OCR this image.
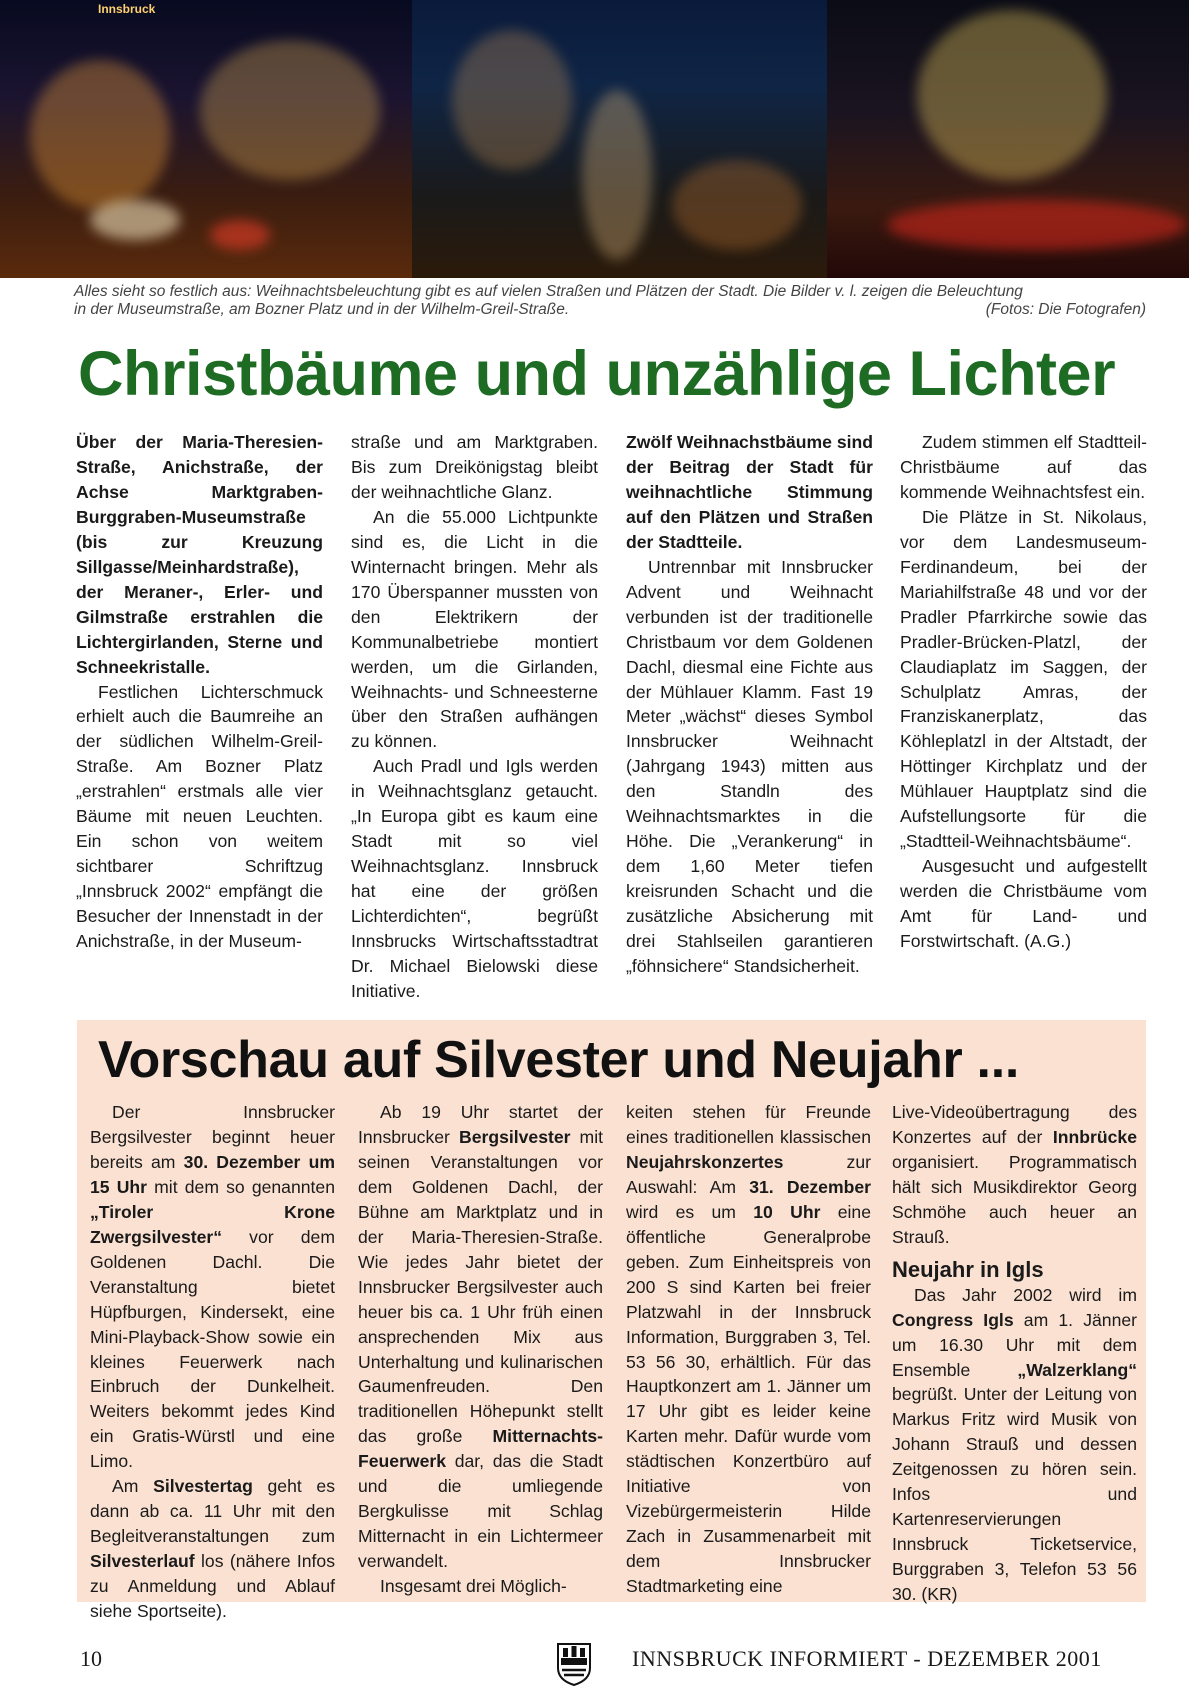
Innsbruck
Alles sieht so festlich aus: Weihnachtsbeleuchtung gibt es auf vielen Straßen und Plätzen der Stadt. Die Bilder v. l. zeigen die Beleuchtung
in der Museumstraße, am Bozner Platz und in der Wilhelm-Greil-Straße.	(Fotos: Die Fotografen)
Christbäume und unzählige Lichter

Über der Maria-Theresien-Straße, Anichstraße, der Achse Marktgraben-Burggraben-Museumstraße (bis zur Kreuzung Sillgasse/Meinhardstraße), der Meraner-, Erler- und Gilmstraße erstrahlen die Lichtergirlanden, Sterne und Schneekristalle.

Festlichen Lichterschmuck erhielt auch die Baumreihe an der südlichen Wilhelm-Greil-Straße. Am Bozner Platz „erstrahlen“ erstmals alle vier Bäume mit neuen Leuchten. Ein schon von weitem sichtbarer Schriftzug „Innsbruck 2002“ empfängt die Besucher der Innenstadt in der Anichstraße, in der Museum-

straße und am Marktgraben. Bis zum Dreikönigstag bleibt der weihnachtliche Glanz.

An die 55.000 Lichtpunkte sind es, die Licht in die Winternacht bringen. Mehr als 170 Überspanner mussten von den Elektrikern der Kommunalbetriebe montiert werden, um die Girlanden, Weihnachts- und Schneesterne über den Straßen aufhängen zu können.

Auch Pradl und Igls werden in Weihnachtsglanz getaucht. „In Europa gibt es kaum eine Stadt mit so viel Weihnachtsglanz. Innsbruck hat eine der größen Lichterdichten“, begrüßt Innsbrucks Wirtschaftsstadtrat Dr. Michael Bielowski diese Initiative.

Zwölf Weihnachstbäume sind der Beitrag der Stadt für weihnachtliche Stimmung auf den Plätzen und Straßen der Stadtteile.

Untrennbar mit Innsbrucker Advent und Weihnacht verbunden ist der traditionelle Christbaum vor dem Goldenen Dachl, diesmal eine Fichte aus der Mühlauer Klamm. Fast 19 Meter „wächst“ dieses Symbol Innsbrucker Weihnacht (Jahrgang 1943) mitten aus den Standln des Weihnachtsmarktes in die Höhe. Die „Verankerung“ in dem 1,60 Meter tiefen kreisrunden Schacht und die zusätzliche Absicherung mit drei Stahlseilen garantieren „föhnsichere“ Standsicherheit.

Zudem stimmen elf Stadtteil-Christbäume auf das kommende Weihnachtsfest ein.

Die Plätze in St. Nikolaus, vor dem Landesmuseum-Ferdinandeum, bei der Mariahilfstraße 48 und vor der Pradler Pfarrkirche sowie das Pradler-Brücken-Platzl, der Claudiaplatz im Saggen, der Schulplatz Amras, der Franziskanerplatz, das Köhleplatzl in der Altstadt, der Höttinger Kirchplatz und der Mühlauer Hauptplatz sind die Aufstellungsorte für die „Stadtteil-Weihnachtsbäume“.

Ausgesucht und aufgestellt werden die Christbäume vom Amt für Land- und Forstwirtschaft. (A.G.)

Vorschau auf Silvester und Neujahr ...

Der Innsbrucker Bergsilvester beginnt heuer bereits am 30. Dezember um 15 Uhr mit dem so genannten „Tiroler Krone Zwergsilvester“ vor dem Goldenen Dachl. Die Veranstaltung bietet Hüpfburgen, Kindersekt, eine Mini-Playback-Show sowie ein kleines Feuerwerk nach Einbruch der Dunkelheit. Weiters bekommt jedes Kind ein Gratis-Würstl und eine Limo.

Am Silvestertag geht es dann ab ca. 11 Uhr mit den Begleitveranstaltungen zum Silvesterlauf los (nähere Infos zu Anmeldung und Ablauf siehe Sportseite).

Ab 19 Uhr startet der Innsbrucker Bergsilvester mit seinen Veranstaltungen vor dem Goldenen Dachl, der Bühne am Marktplatz und in der Maria-Theresien-Straße. Wie jedes Jahr bietet der Innsbrucker Bergsilvester auch heuer bis ca. 1 Uhr früh einen ansprechenden Mix aus Unterhaltung und kulinarischen Gaumenfreuden. Den traditionellen Höhepunkt stellt das große Mitternachts-Feuerwerk dar, das die Stadt und die umliegende Bergkulisse mit Schlag Mitternacht in ein Lichtermeer verwandelt.

Insgesamt drei Möglich-

keiten stehen für Freunde eines traditionellen klassischen Neujahrskonzertes zur Auswahl: Am 31. Dezember wird es um 10 Uhr eine öffentliche Generalprobe geben. Zum Einheitspreis von 200 S sind Karten bei freier Platzwahl in der Innsbruck Information, Burggraben 3, Tel. 53 56 30, erhältlich. Für das Hauptkonzert am 1. Jänner um 17 Uhr gibt es leider keine Karten mehr. Dafür wurde vom städtischen Konzertbüro auf Initiative von Vizebürgermeisterin Hilde Zach in Zusammenarbeit mit dem Innsbrucker Stadtmarketing eine

Live-Videoübertragung des Konzertes auf der Innbrücke organisiert. Programmatisch hält sich Musikdirektor Georg Schmöhe auch heuer an Strauß.

Neujahr in Igls

Das Jahr 2002 wird im Congress Igls am 1. Jänner um 16.30 Uhr mit dem Ensemble „Walzerklang“ begrüßt. Unter der Leitung von Markus Fritz wird Musik von Johann Strauß und dessen Zeitgenossen zu hören sein. Infos und Kartenreservierungen Innsbruck Ticketservice, Burggraben 3, Telefon 53 56 30. (KR)

10	INNSBRUCK INFORMIERT - DEZEMBER 2001
